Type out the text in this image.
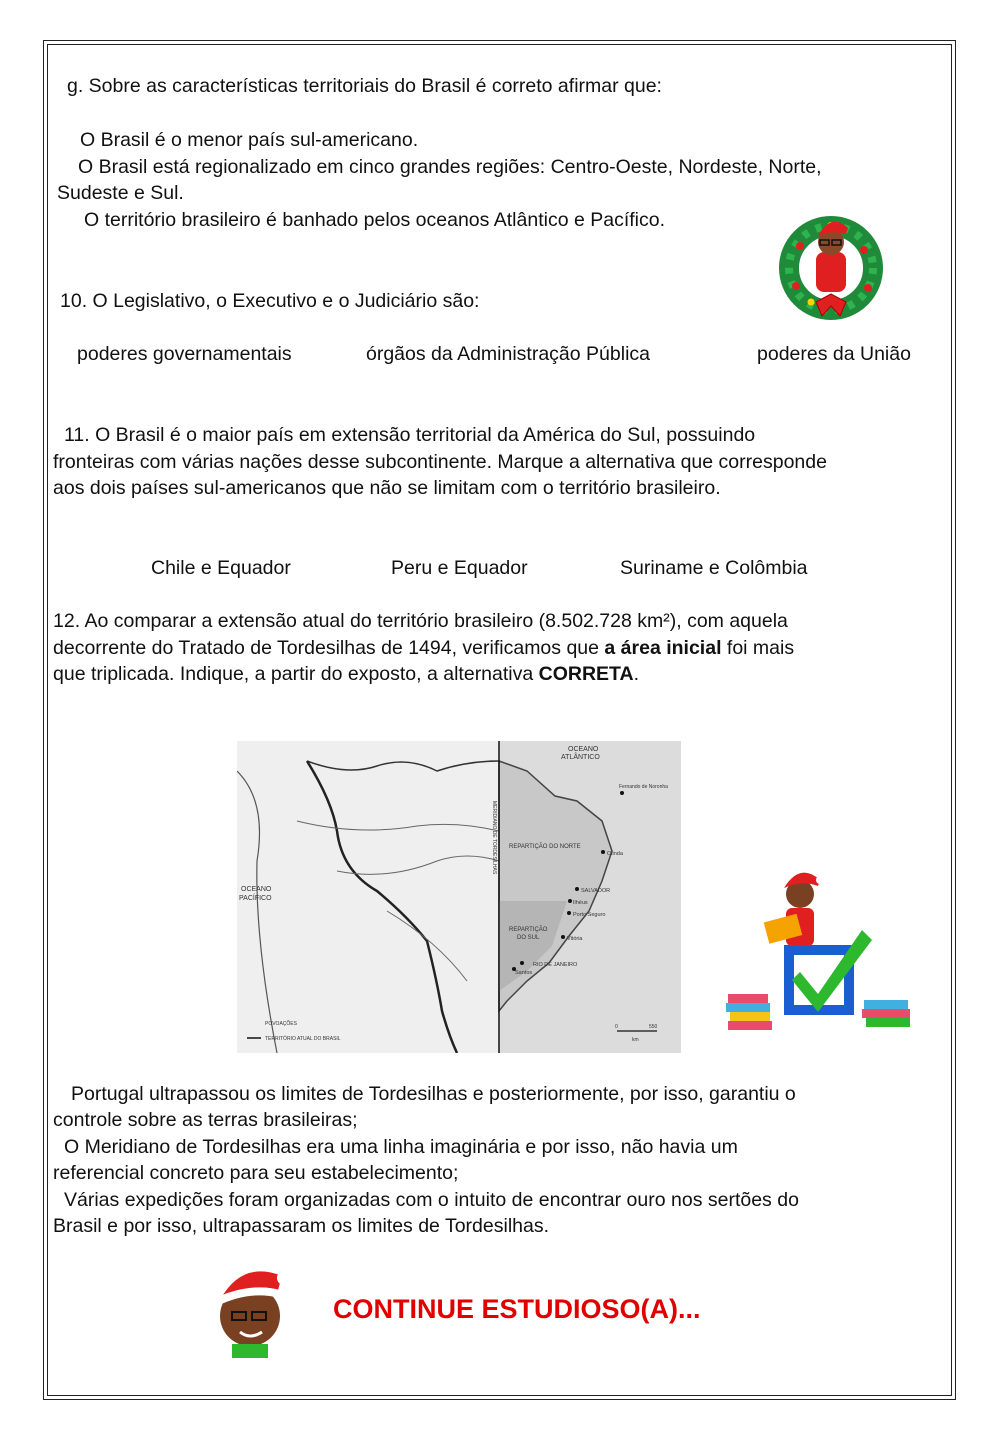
g. Sobre as características territoriais do Brasil é correto afirmar que:
O Brasil é o menor país sul-americano.
O Brasil está regionalizado em cinco grandes regiões: Centro-Oeste, Nordeste, Norte,
Sudeste e Sul.
O território brasileiro é banhado pelos oceanos Atlântico e Pacífico.
10. O Legislativo, o Executivo e o Judiciário são:
poderes governamentais	órgãos da Administração Pública	poderes da União
11. O Brasil é o maior país em extensão territorial da América do Sul, possuindo
fronteiras com várias nações desse subcontinente. Marque a alternativa que corresponde
aos dois países sul-americanos que não se limitam com o território brasileiro.
Chile e Equador	Peru e Equador	Suriname e Colômbia
12. Ao comparar a extensão atual do território brasileiro (8.502.728 km²), com aquela
decorrente do Tratado de Tordesilhas de 1494, verificamos que a área inicial foi mais
que triplicada. Indique, a partir do exposto, a alternativa CORRETA.
OCEANO
ATLÂNTICO
OCEANO
PACÍFICO
REPARTIÇÃO DO NORTE
REPARTIÇÃO
DO SUL
MERIDIANO DE TORDESILHAS
Fernando de Noronha
Olinda
SALVADOR
Ilhéus
Porto Seguro
Vitória
RIO DE JANEIRO
Santos
POVOAÇÕES
TERRITÓRIO ATUAL DO BRASIL
0	550
km
Portugal ultrapassou os limites de Tordesilhas e posteriormente, por isso, garantiu o
controle sobre as terras brasileiras;
O Meridiano de Tordesilhas era uma linha imaginária e por isso, não havia um
referencial concreto para seu estabelecimento;
Várias expedições foram organizadas com o intuito de encontrar ouro nos sertões do
Brasil e por isso, ultrapassaram os limites de Tordesilhas.
CONTINUE ESTUDIOSO(A)...
